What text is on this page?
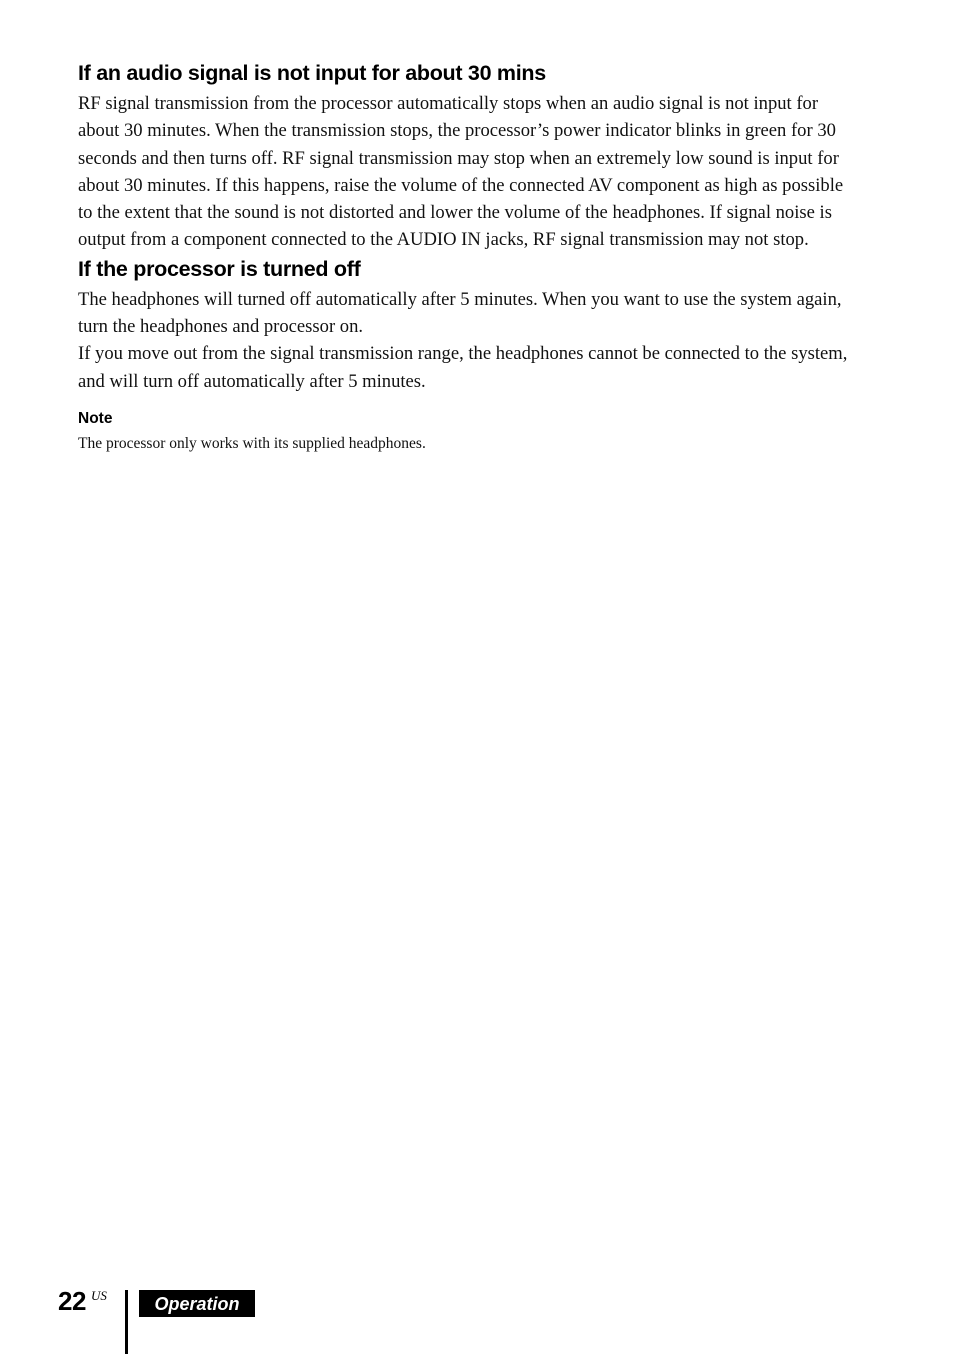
If an audio signal is not input for about 30 mins

RF signal transmission from the processor automatically stops when an audio signal is not input for about 30 minutes. When the transmission stops, the processor’s power indicator blinks in green for 30 seconds and then turns off. RF signal transmission may stop when an extremely low sound is input for about 30 minutes. If this happens, raise the volume of the connected AV component as high as possible to the extent that the sound is not distorted and lower the volume of the headphones. If signal noise is output from a component connected to the AUDIO IN jacks, RF signal transmission may not stop.

If the processor is turned off

The headphones will turned off automatically after 5 minutes. When you want to use the system again, turn the headphones and processor on.

If you move out from the signal transmission range, the headphones cannot be connected to the system, and will turn off automatically after 5 minutes.

Note

The processor only works with its supplied headphones.

22 US	Operation
